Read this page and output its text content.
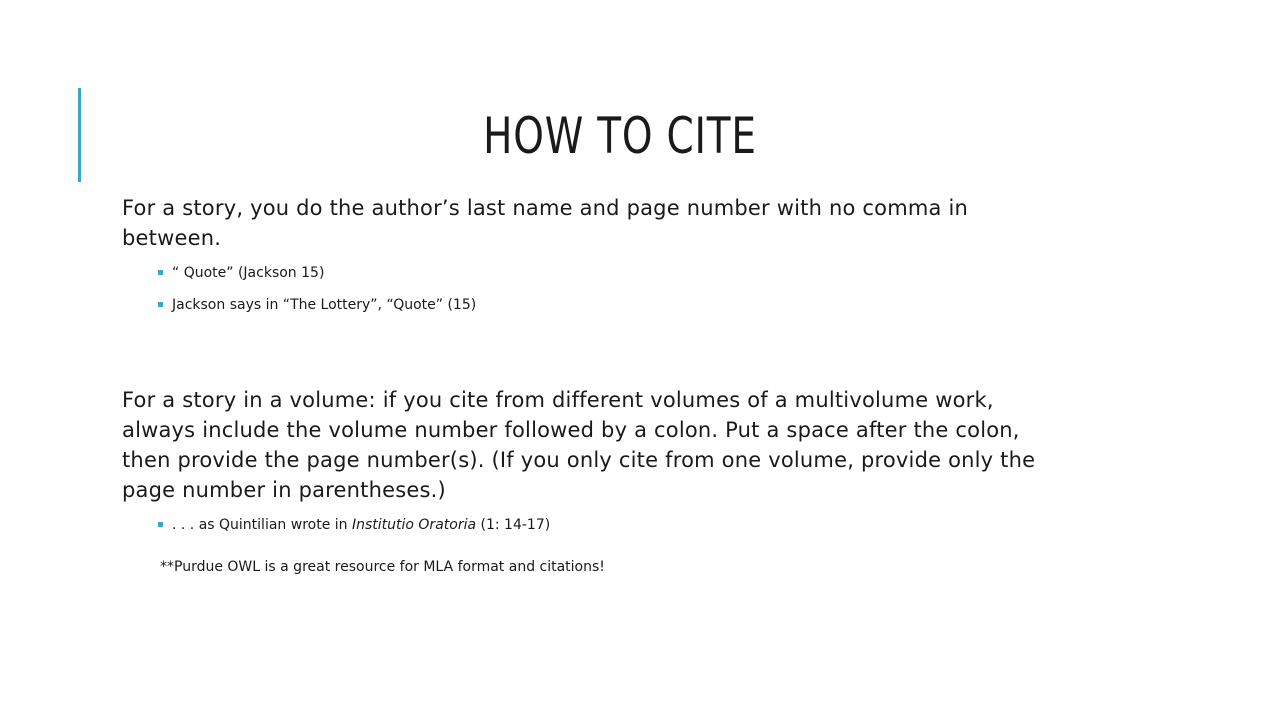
HOW TO CITE

For a story, you do the author’s last name and page number with no comma in between.

“ Quote” (Jackson 15)
Jackson says in “The Lottery”, “Quote” (15)

For a story in a volume: if you cite from different volumes of a multivolume work, always include the volume number followed by a colon. Put a space after the colon, then provide the page number(s). (If you only cite from one volume, provide only the page number in parentheses.)

. . . as Quintilian wrote in Institutio Oratoria (1: 14-17)

**Purdue OWL is a great resource for MLA format and citations!
